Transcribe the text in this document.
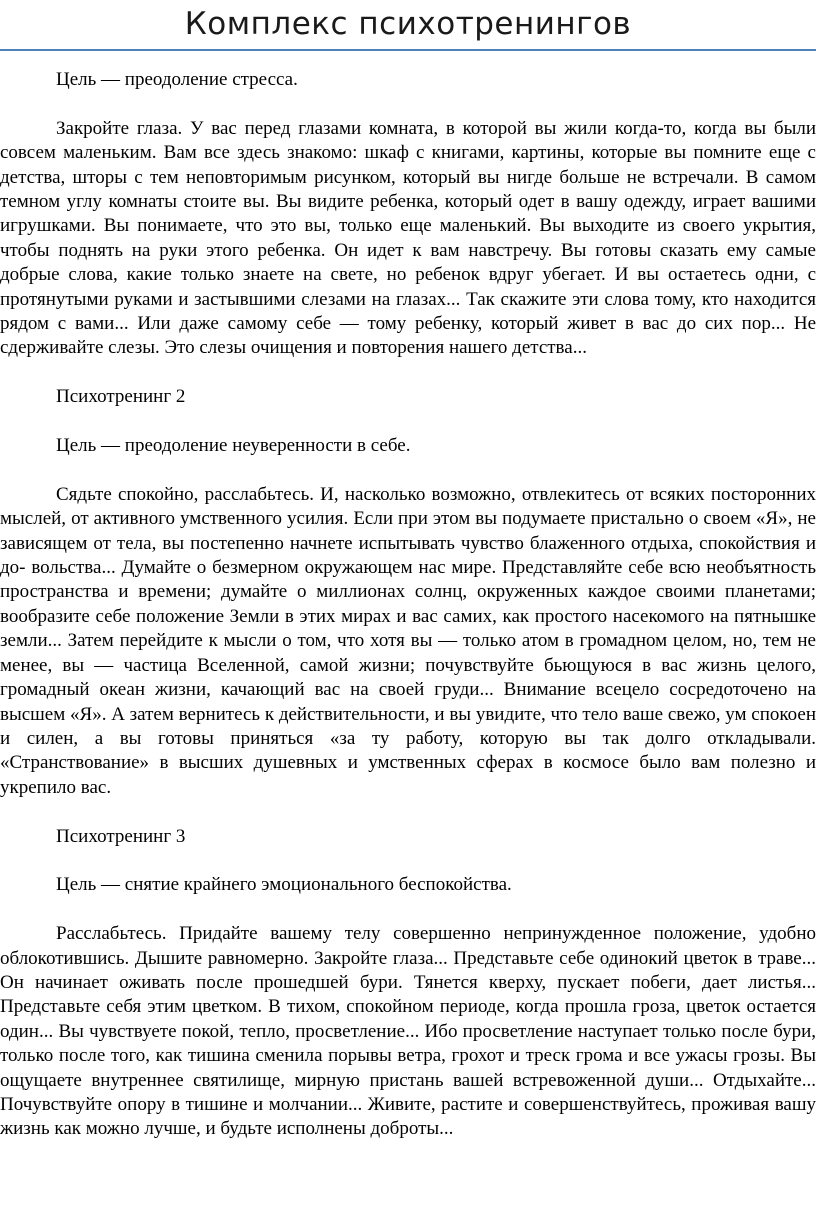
Комплекс психотренингов

Цель — преодоление стресса.

Закройте глаза. У вас перед глазами комната, в которой вы жили когда-то, когда вы были совсем маленьким. Вам все здесь знакомо: шкаф с книгами, картины, которые вы помните еще с детства, шторы с тем неповторимым рисунком, который вы нигде больше не встречали. В самом темном углу комнаты стоите вы. Вы видите ребенка, который одет в вашу одежду, играет вашими игрушками. Вы понимаете, что это вы, только еще маленький. Вы выходите из своего укрытия, чтобы поднять на руки этого ребенка. Он идет к вам навстречу. Вы готовы сказать ему самые добрые слова, какие только знаете на свете, но ребенок вдруг убегает. И вы остаетесь одни, с протянутыми руками и застывшими слезами на глазах... Так скажите эти слова тому, кто находится рядом с вами... Или даже самому себе — тому ребенку, который живет в вас до сих пор... Не сдерживайте слезы. Это слезы очищения и повторения нашего детства...

Психотренинг 2

Цель — преодоление неуверенности в себе.

Сядьте спокойно, расслабьтесь. И, насколько возможно, отвлекитесь от всяких посторонних мыслей, от активного умственного усилия. Если при этом вы подумаете пристально о своем «Я», не зависящем от тела, вы постепенно начнете испытывать чувство блаженного отдыха, спокойствия и до- вольства... Думайте о безмерном окружающем нас мире. Представляйте себе всю необъятность пространства и времени; думайте о миллионах солнц, окруженных каждое своими планетами; вообразите себе положение Земли в этих мирах и вас самих, как простого насекомого на пятнышке земли... Затем перейдите к мысли о том, что хотя вы — только атом в громадном целом, но, тем не менее, вы — частица Вселенной, самой жизни; почувствуйте бьющуюся в вас жизнь целого, громадный океан жизни, качающий вас на своей груди... Внимание всецело сосредоточено на высшем «Я». А затем вернитесь к действительности, и вы увидите, что тело ваше свежо, ум спокоен и силен, а вы готовы приняться «за ту работу, которую вы так долго откладывали. «Странствование» в высших душевных и умственных сферах в космосе было вам полезно и укрепило вас.

Психотренинг 3

Цель — снятие крайнего эмоционального беспокойства.

Расслабьтесь. Придайте вашему телу совершенно непринужденное положение, удобно облокотившись. Дышите равномерно. Закройте глаза... Представьте себе одинокий цветок в траве... Он начинает оживать после прошедшей бури. Тянется кверху, пускает побеги, дает листья... Представьте себя этим цветком. В тихом, спокойном периоде, когда прошла гроза, цветок остается один... Вы чувствуете покой, тепло, просветление... Ибо просветление наступает только после бури, только после того, как тишина сменила порывы ветра, грохот и треск грома и все ужасы грозы. Вы ощущаете внутреннее святилище, мирную пристань вашей встревоженной души... Отдыхайте... Почувствуйте опору в тишине и молчании... Живите, растите и совершенствуйтесь, проживая вашу жизнь как можно лучше, и будьте исполнены доброты...
